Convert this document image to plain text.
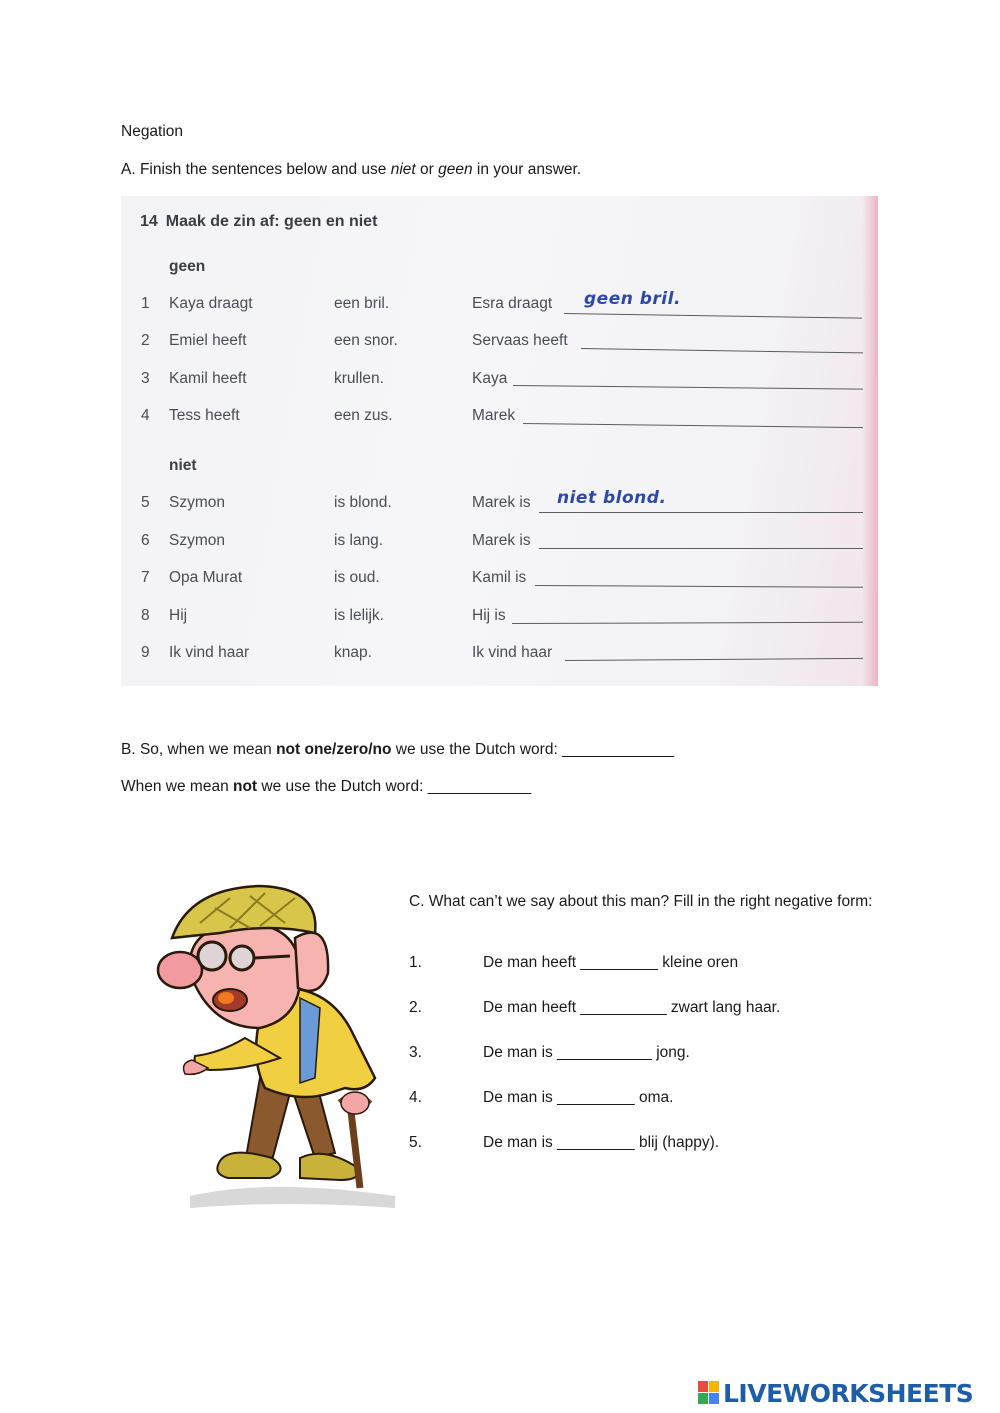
Negation
A. Finish the sentences below and use niet or geen in your answer.
14 Maak de zin af: geen en niet
geen
1 Kaya draagt	een bril.	Esra draagt geen bril.
2 Emiel heeft	een snor.	Servaas heeft
3 Kamil heeft	krullen.	Kaya
4 Tess heeft	een zus.	Marek
niet
5 Szymon	is blond.	Marek is niet blond.
6 Szymon	is lang.	Marek is
7 Opa Murat	is oud.	Kamil is
8 Hij	is lelijk.	Hij is
9 Ik vind haar	knap.	Ik vind haar
B. So, when we mean not one/zero/no we use the Dutch word: _____________
When we mean not we use the Dutch word: ____________
C. What can’t we say about this man? Fill in the right negative form:
1.	De man heeft _________ kleine oren
2.	De man heeft __________ zwart lang haar.
3.	De man is ___________ jong.
4.	De man is _________ oma.
5.	De man is _________ blij (happy).
LIVEWORKSHEETS
